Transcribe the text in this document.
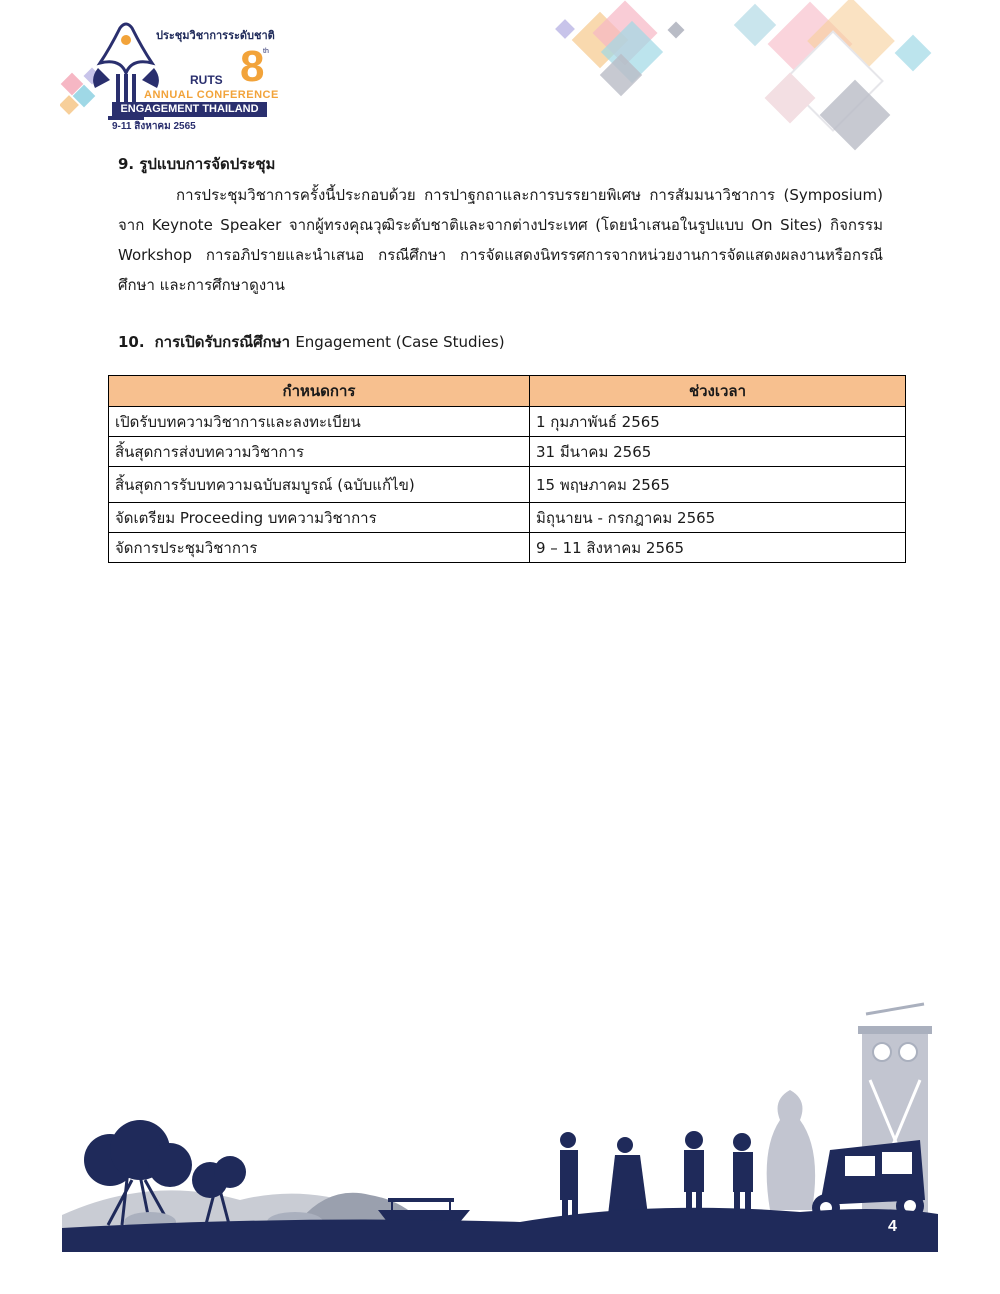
ประชุมวิชาการระดับชาติ
RUTS 8
th
ANNUAL CONFERENCE
ENGAGEMENT THAILAND
9-11 สิงหาคม 2565
9. รูปแบบการจัดประชุม
การประชุมวิชาการครั้งนี้ประกอบด้วย การปาฐกถาและการบรรยายพิเศษ การสัมมนาวิชาการ (Symposium) จาก Keynote Speaker จากผู้ทรงคุณวุฒิระดับชาติและจากต่างประเทศ (โดยนำเสนอในรูปแบบ On Sites) กิจกรรม Workshop การอภิปรายและนำเสนอ กรณีศึกษา การจัดแสดงนิทรรศการจากหน่วยงานการจัดแสดงผลงานหรือกรณีศึกษา และการศึกษาดูงาน
10. การเปิดรับกรณีศึกษา Engagement (Case Studies)
กำหนดการ	ช่วงเวลา
เปิดรับบทความวิชาการและลงทะเบียน	1 กุมภาพันธ์ 2565
สิ้นสุดการส่งบทความวิชาการ	31 มีนาคม 2565
สิ้นสุดการรับบทความฉบับสมบูรณ์ (ฉบับแก้ไข)	15 พฤษภาคม 2565
จัดเตรียม Proceeding บทความวิชาการ	มิถุนายน - กรกฎาคม 2565
จัดการประชุมวิชาการ	9 – 11 สิงหาคม 2565
4
